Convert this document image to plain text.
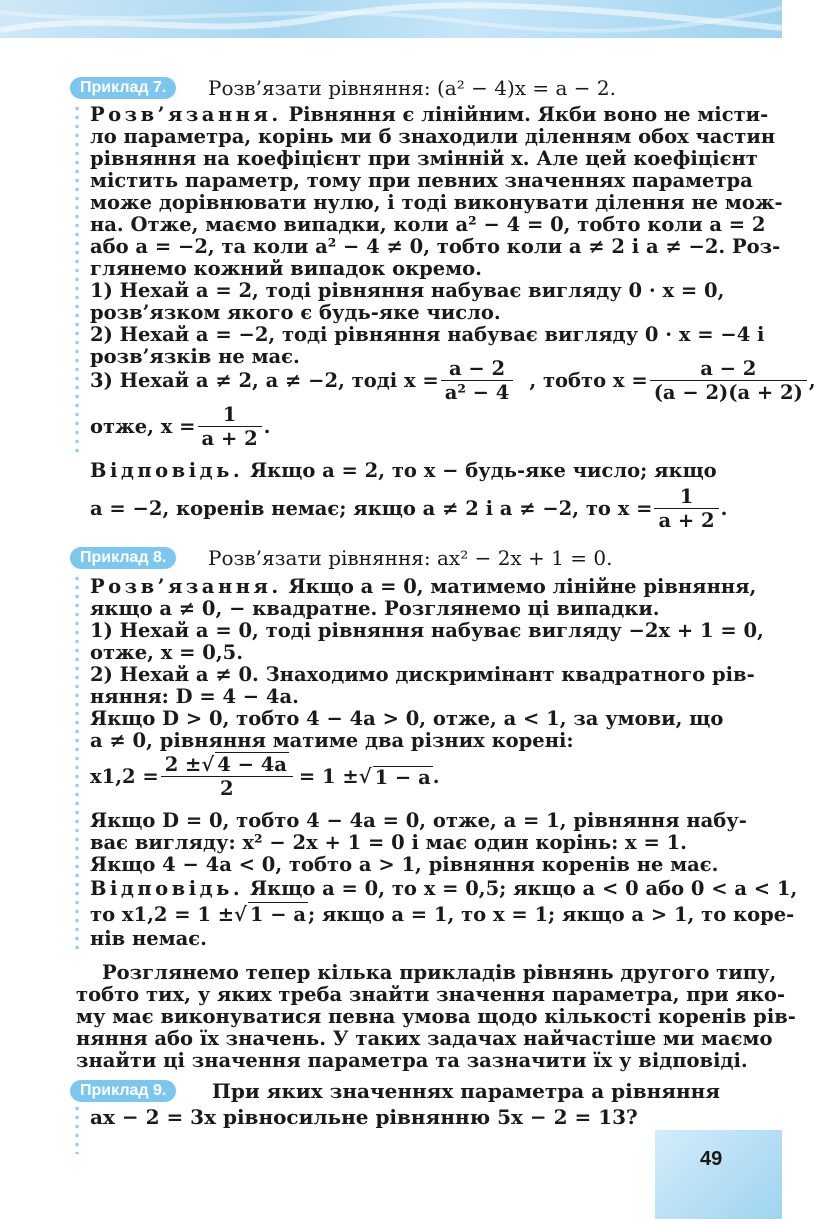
49
Приклад 7.	Розв’язати рівняння: (a² − 4)x = a − 2.
Розв’язання. Рівняння є лінійним. Якби воно не місти-
ло параметра, корінь ми б знаходили діленням обох частин
рівняння на коефіцієнт при змінній x. Але цей коефіцієнт
містить параметр, тому при певних значеннях параметра
може дорівнювати нулю, і тоді виконувати ділення не мож-
на. Отже, маємо випадки, коли a² − 4 = 0, тобто коли a = 2
або a = −2, та коли a² − 4 ≠ 0, тобто коли a ≠ 2 і a ≠ −2. Роз-
глянемо кожний випадок окремо.
1) Нехай a = 2, тоді рівняння набуває вигляду 0 · x = 0,
розв’язком якого є будь-яке число.
2) Нехай a = −2, тоді рівняння набуває вигляду 0 · x = −4 і
розв’язків не має.
3) Нехай a ≠ 2, a ≠ −2, тоді $x = \frac{a - 2}{\text{a² − 4}}$ , тобто $x = \frac{a - 2}{(a - 2)(a + 2)}$ ,
отже, $x = \frac{1}{a + 2}$ .
Відповідь. Якщо a = 2, то x − будь-яке число; якщо
a = −2, коренів немає; якщо a ≠ 2 і a ≠ −2, то $x = \frac{1}{a + 2}$ .
Приклад 8.	Розв’язати рівняння: ax² − 2x + 1 = 0.
Розв’язання. Якщо a = 0, матимемо лінійне рівняння,
якщо a ≠ 0, − квадратне. Розглянемо ці випадки.
1) Нехай a = 0, тоді рівняння набуває вигляду −2x + 1 = 0,
отже, x = 0,5.
2) Нехай a ≠ 0. Знаходимо дискримінант квадратного рів-
няння: D = 4 − 4a.
Якщо D > 0, тобто 4 − 4a > 0, отже, a < 1, за умови, що
a ≠ 0, рівняння матиме два різних корені:
$x1,2 = \frac{2 \pm√ 4 - 4a}{2} = 1$ ± √ 1 − a .
Якщо D = 0, тобто 4 − 4a = 0, отже, a = 1, рівняння набу-
ває вигляду: x² − 2x + 1 = 0 і має один корінь: x = 1.
Якщо 4 − 4a < 0, тобто a > 1, рівняння коренів не має.
Відповідь. Якщо a = 0, то x = 0,5; якщо a < 0 або 0 < a < 1,
то x1,2 = 1 ±√ 1 − a ; якщо a = 1, то x = 1; якщо a > 1, то коре-
нів немає.
Розглянемо тепер кілька прикладів рівнянь другого типу,
тобто тих, у яких треба знайти значення параметра, при яко-
му має виконуватися певна умова щодо кількості коренів рів-
няння або їх значень. У таких задачах найчастіше ми маємо
знайти ці значення параметра та зазначити їх у відповіді.
Приклад 9.	При яких значеннях параметра a рівняння
ax − 2 = 3x рівносильне рівнянню 5x − 2 = 13?
